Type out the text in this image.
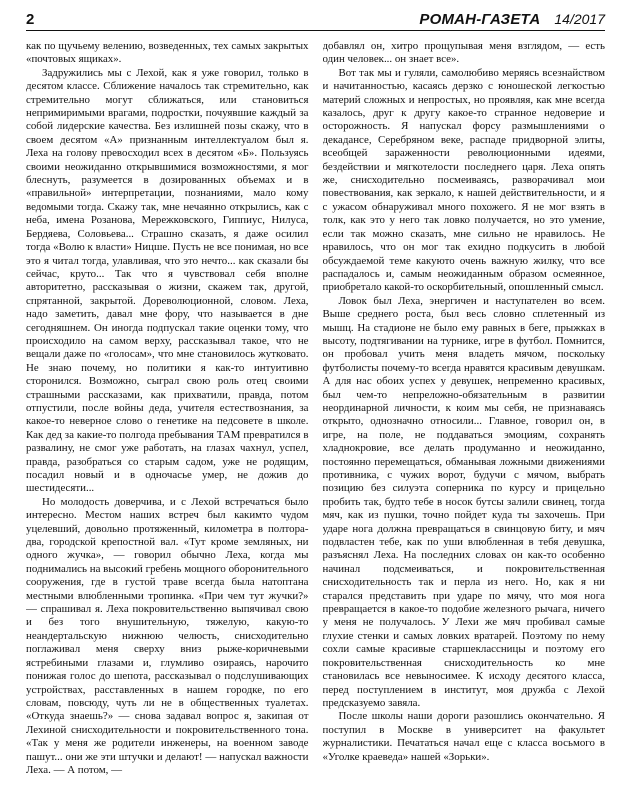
2	РОМАН-ГАЗЕТА 14/2017

как по щучьему велению, возведенных, тех самых закрытых «почтовых ящиках».

Задружились мы с Лехой, как я уже говорил, только в десятом классе. Сближение началось так стремительно, как стремительно могут сближаться, или становиться непримиримыми врагами, подростки, почуявшие каждый за собой лидерские качества. Без излишней позы скажу, что в своем десятом «А» признанным интеллектуалом был я. Леха на голову превосходил всех в десятом «Б». Пользуясь своими неожиданно открывшимися возможностями, я мог блеснуть, разумеется в дозированных объемах и в «правильной» интерпретации, познаниями, мало кому ведомыми тогда. Скажу так, мне нечаянно открылись, как с неба, имена Розанова, Мережковского, Гиппиус, Нилуса, Бердяева, Соловьева... Страшно сказать, я даже осилил тогда «Волю к власти» Ницше. Пусть не все понимая, но все это я читал тогда, улавливая, что это нечто... как сказали бы сейчас, круто... Так что я чувствовал себя вполне авторитетно, рассказывая о жизни, скажем так, другой, спрятанной, закрытой. Дореволюционной, словом. Леха, надо заметить, давал мне фору, что называется в дне сегодняшнем. Он иногда подпускал такие оценки тому, что происходило на самом верху, рассказывал такое, что не вещали даже по «голосам», что мне становилось жутковато. Не знаю почему, но политики я как-то интуитивно сторонился. Возможно, сыграл свою роль отец своими страшными рассказами, как прихватили, правда, потом отпустили, после войны деда, учителя естествознания, за какое-то неверное слово о генетике на педсовете в школе. Как дед за какие-то полгода пребывания ТАМ превратился в развалину, не смог уже работать, на глазах чахнул, успел, правда, разобраться со старым садом, уже не родящим, посадил новый и в одночасье умер, не дожив до шестидесяти...

Но молодость доверчива, и с Лехой встречаться было интересно. Местом наших встреч был какимто чудом уцелевший, довольно протяженный, километра в полтора-два, городской крепостной вал. «Тут кроме земляных, ни одного жучка», — говорил обычно Леха, когда мы поднимались на высокий гребень мощного оборонительного сооружения, где в густой траве всегда была натоптана местными влюбленными тропинка. «При чем тут жучки?» — спрашивал я. Леха покровительственно выпячивал свою и без того внушительную, тяжелую, какую-то неандертальскую нижнюю челюсть, снисходительно поглаживал меня сверху вниз рыже-коричневыми ястребиными глазами и, глумливо озираясь, нарочито понижая голос до шепота, рассказывал о подслушивающих устройствах, расставленных в нашем городке, по его словам, повсюду, чуть ли не в общественных туалетах. «Откуда знаешь?» — снова задавал вопрос я, закипая от Лехиной снисходительности и покровительственного тона. «Так у меня же родители инженеры, на военном заводе пашут... они же эти штучки и делают! — напускал важности Леха. — А потом, —

добавлял он, хитро прощупывая меня взглядом, — есть один человек... он знает все».

Вот так мы и гуляли, самолюбиво меряясь всезнайством и начитанностью, касаясь дерзко с юношеской легкостью материй сложных и непростых, но проявляя, как мне всегда казалось, друг к другу какое-то странное недоверие и осторожность. Я напускал форсу размышлениями о декадансе, Серебряном веке, распаде придворной элиты, всеобщей зараженности революционными идеями, бездействии и мягкотелости последнего царя. Леха опять же, снисходительно посмеиваясь, разворачивал мои повествования, как зеркало, к нашей действительности, и я с ужасом обнаруживал много похожего. Я не мог взять в толк, как это у него так ловко получается, но это умение, если так можно сказать, мне сильно не нравилось. Не нравилось, что он мог так ехидно подкусить в любой обсуждаемой теме какуюто очень важную жилку, что все распадалось и, самым неожиданным образом осмеянное, приобретало какой-то оскорбительный, опошленный смысл.

Ловок был Леха, энергичен и наступателен во всем. Выше среднего роста, был весь словно сплетенный из мышц. На стадионе не было ему равных в беге, прыжках в высоту, подтягивании на турнике, игре в футбол. Помнится, он пробовал учить меня владеть мячом, поскольку футболисты почему-то всегда нравятся красивым девушкам. А для нас обоих успех у девушек, непременно красивых, был чем-то непреложно-обязательным в развитии неординарной личности, к коим мы себя, не признаваясь открыто, однозначно относили... Главное, говорил он, в игре, на поле, не поддаваться эмоциям, сохранять хладнокровие, все делать продуманно и неожиданно, постоянно перемещаться, обманывая ложными движениями противника, с чужих ворот, будучи с мячом, выбрать позицию без силуэта соперника по курсу и прицельно пробить так, будто тебе в носок бутсы залили свинец, тогда мяч, как из пушки, точно пойдет куда ты захочешь. При ударе нога должна превращаться в свинцовую биту, и мяч подвластен тебе, как по уши влюбленная в тебя девушка, разъяснял Леха. На последних словах он как-то особенно начинал подсмеиваться, и покровительственная снисходительность так и перла из него. Но, как я ни старался представить при ударе по мячу, что моя нога превращается в какое-то подобие железного рычага, ничего у меня не получалось. У Лехи же мяч пробивал самые глухие стенки и самых ловких вратарей. Поэтому по нему сохли самые красивые старшеклассницы и поэтому его покровительственная снисходительность ко мне становилась все невыносимее. К исходу десятого класса, перед поступлением в институт, моя дружба с Лехой предсказуемо завяла.

После школы наши дороги разошлись окончательно. Я поступил в Москве в университет на факультет журналистики. Печататься начал еще с класса восьмого в «Уголке краеведа» нашей «Зорьки».
